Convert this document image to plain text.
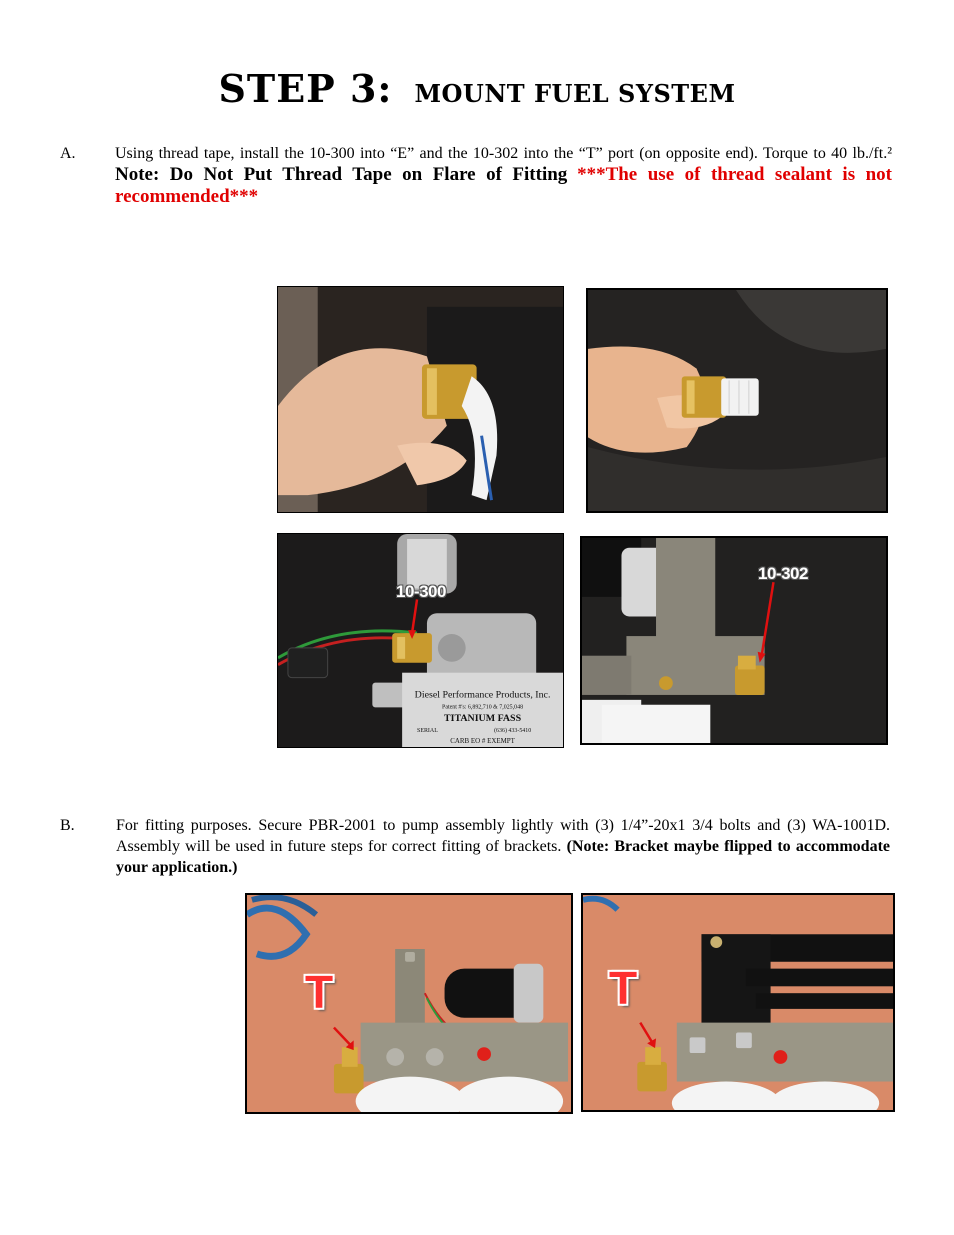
STEP 3: MOUNT FUEL SYSTEM
A. Using thread tape, install the 10-300 into “E” and the 10-302 into the “T” port (on opposite end). Torque to 40 lb./ft.² Note: Do Not Put Thread Tape on Flare of Fitting ***The use of thread sealant is not recommended***
Diesel Performance Products, Inc.
Patent #'s: 6,892,710 & 7,025,048
TITANIUM FASS
SERIAL	(636) 433-5410
CARB EO # EXEMPT
10-300
10-302
B.	For fitting purposes. Secure PBR-2001 to pump assembly lightly with (3) 1/4”-20x1 3/4 bolts and (3) WA-1001D. Assembly will be used in future steps for correct fitting of brackets. (Note: Bracket maybe flipped to accommodate your application.)
T	T
